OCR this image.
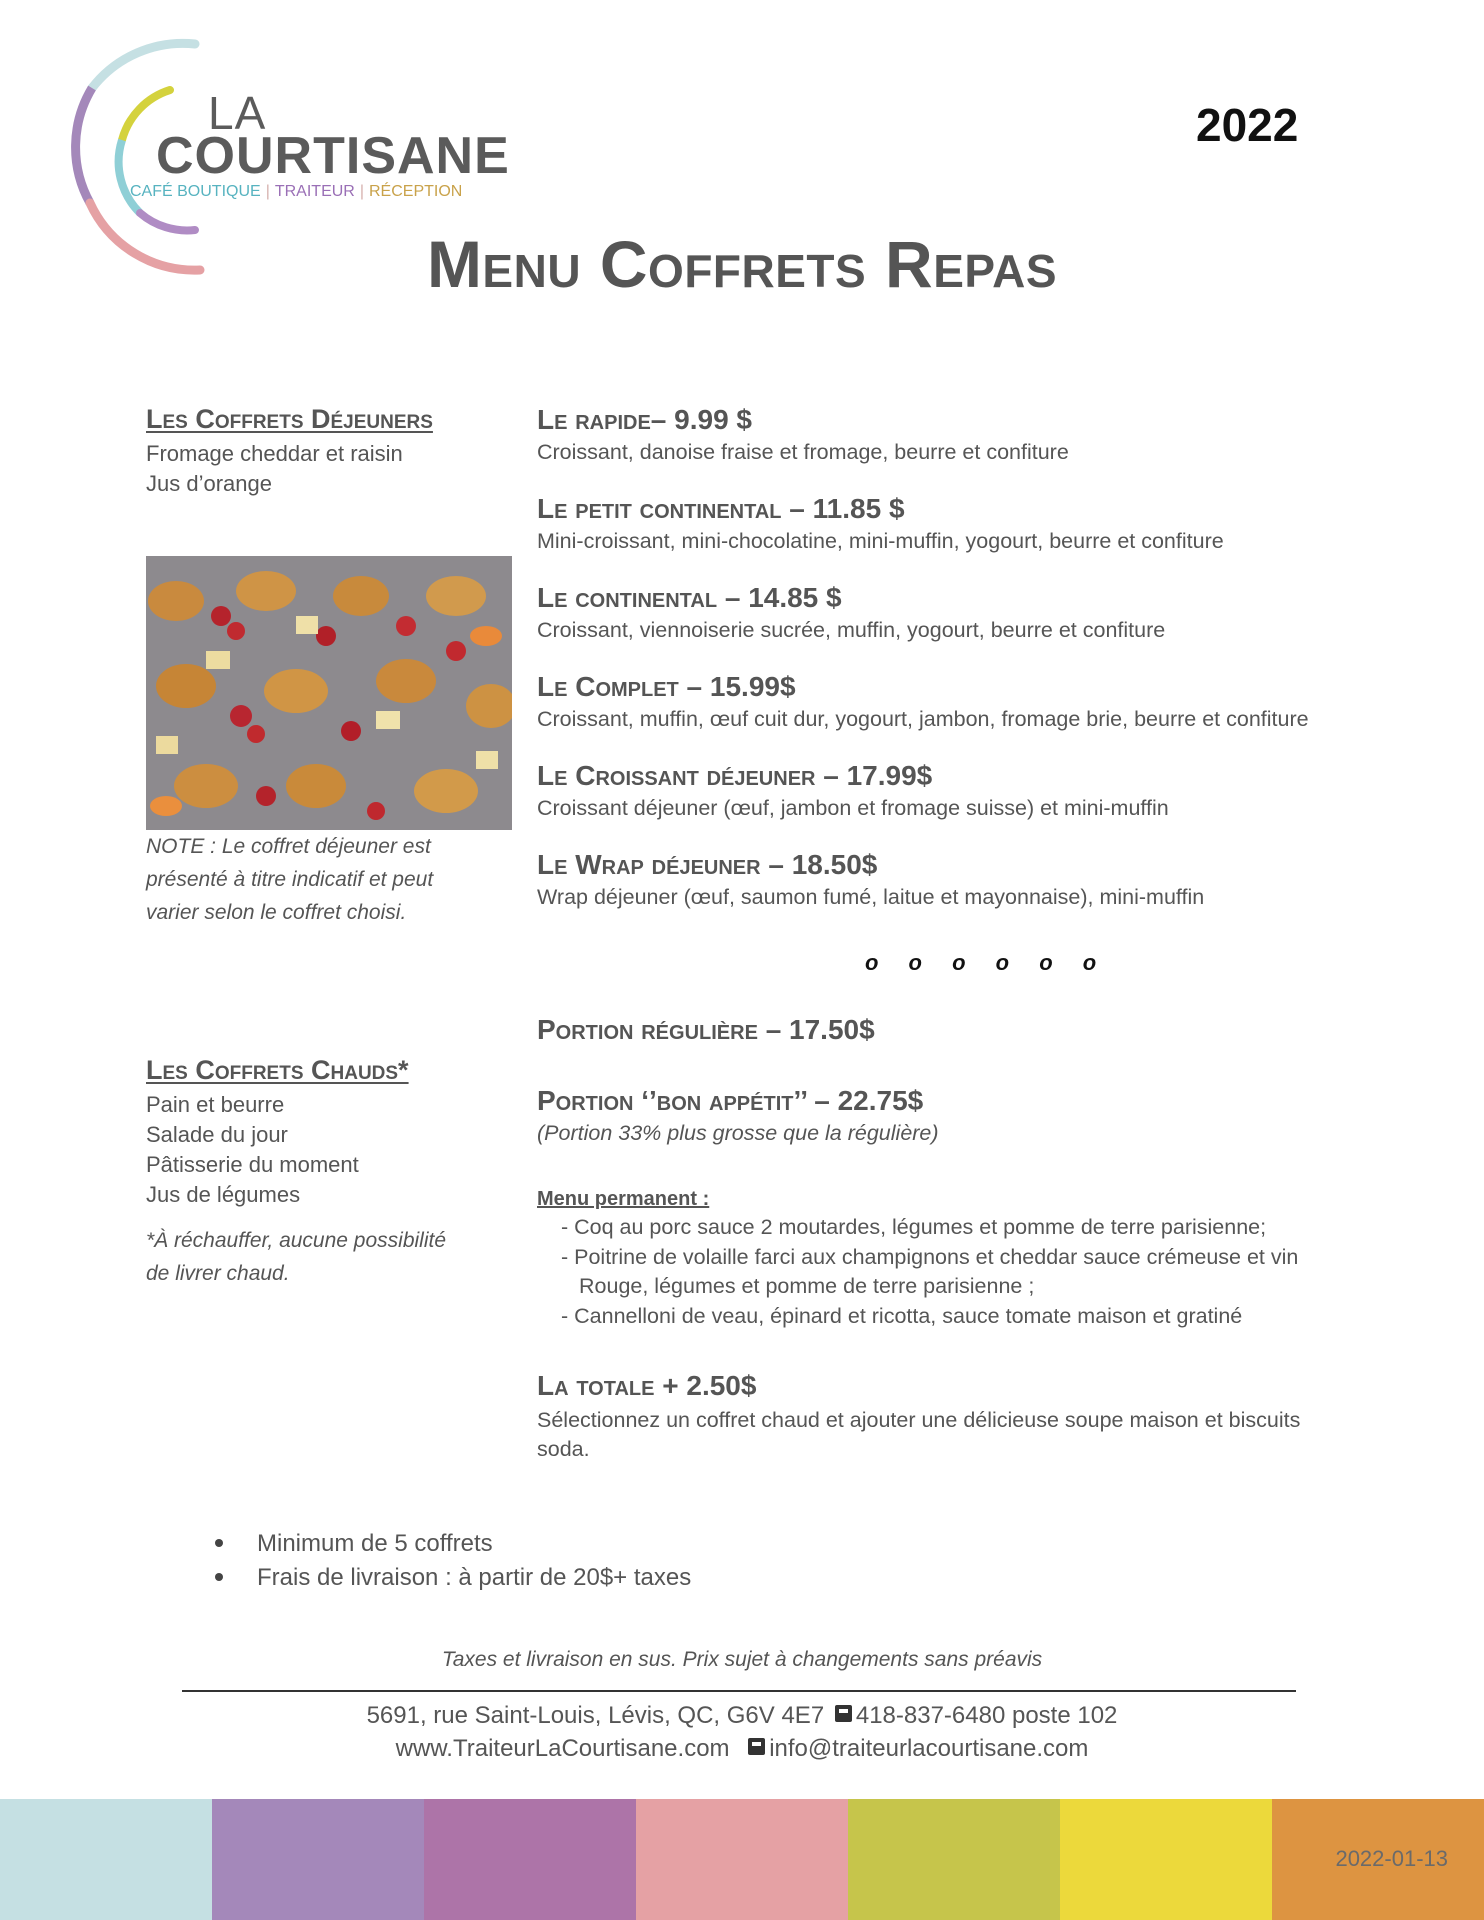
LA
COURTISANE
CAFÉ BOUTIQUE | TRAITEUR | RÉCEPTION
2022
Menu Coffrets Repas
Les Coffrets Déjeuners
Fromage cheddar et raisin
Jus d’orange
NOTE : Le coffret déjeuner est
présenté à titre indicatif et peut
varier selon le coffret choisi.
Le rapide– 9.99 $
Croissant, danoise fraise et fromage, beurre et confiture
Le petit continental – 11.85 $
Mini-croissant, mini-chocolatine, mini-muffin, yogourt, beurre et confiture
Le continental – 14.85 $
Croissant, viennoiserie sucrée, muffin, yogourt, beurre et confiture
Le Complet – 15.99$
Croissant, muffin, œuf cuit dur, yogourt, jambon, fromage brie, beurre et confiture
Le Croissant déjeuner – 17.99$
Croissant déjeuner (œuf, jambon et fromage suisse) et mini-muffin
Le Wrap déjeuner – 18.50$
Wrap déjeuner (œuf, saumon fumé, laitue et mayonnaise), mini-muffin
o o o o o o
Les Coffrets Chauds*
Pain et beurre
Salade du jour
Pâtisserie du moment
Jus de légumes
*À réchauffer, aucune possibilité
de livrer chaud.
Portion régulière – 17.50$
Portion ‘’bon appétit’’ – 22.75$
(Portion 33% plus grosse que la régulière)
Menu permanent :
- Coq au porc sauce 2 moutardes, légumes et pomme de terre parisienne;
- Poitrine de volaille farci aux champignons et cheddar sauce crémeuse et vin
Rouge, légumes et pomme de terre parisienne ;
- Cannelloni de veau, épinard et ricotta, sauce tomate maison et gratiné
La totale + 2.50$
Sélectionnez un coffret chaud et ajouter une délicieuse soupe maison et biscuits
soda.
Minimum de 5 coffrets
Frais de livraison : à partir de 20$+ taxes
Taxes et livraison en sus. Prix sujet à changements sans préavis
5691, rue Saint-Louis, Lévis, QC, G6V 4E7 418-837-6480 poste 102
www.TraiteurLaCourtisane.com info@traiteurlacourtisane.com
2022-01-13
